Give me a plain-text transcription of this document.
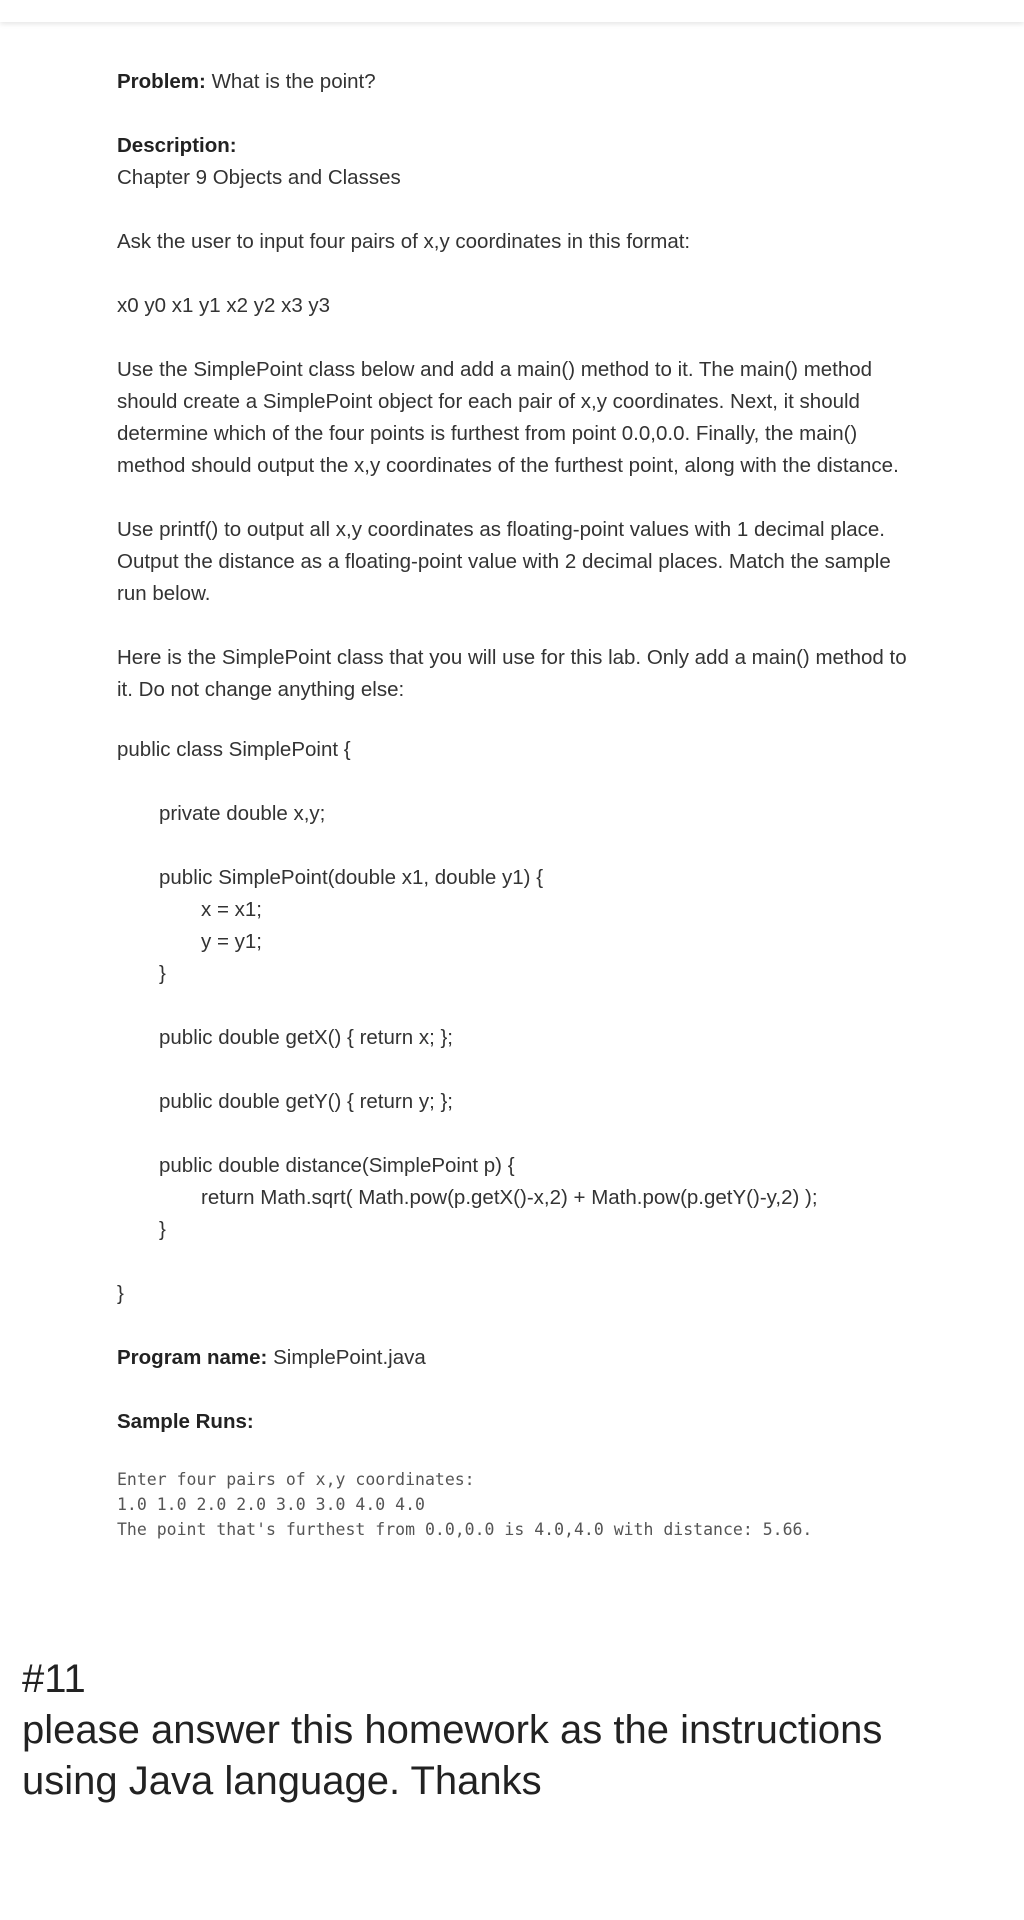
Problem: What is the point?
Description:
Chapter 9 Objects and Classes
Ask the user to input four pairs of x,y coordinates in this format:
x0 y0 x1 y1 x2 y2 x3 y3

Use the SimplePoint class below and add a main() method to it. The main() method

should create a SimplePoint object for each pair of x,y coordinates. Next, it should

determine which of the four points is furthest from point 0.0,0.0. Finally, the main()

method should output the x,y coordinates of the furthest point, along with the distance.

Use printf() to output all x,y coordinates as floating-point values with 1 decimal place.

Output the distance as a floating-point value with 2 decimal places. Match the sample

run below.

Here is the SimplePoint class that you will use for this lab. Only add a main() method to

it. Do not change anything else:

public class SimplePoint {
private double x,y;
public SimplePoint(double x1, double y1) {
x = x1;
y = y1;
}
public double getX() { return x; };
public double getY() { return y; };
public double distance(SimplePoint p) {
return Math.sqrt( Math.pow(p.getX()-x,2) + Math.pow(p.getY()-y,2) );
}
}
Program name: SimplePoint.java
Sample Runs:
Enter four pairs of x,y coordinates:
1.0 1.0 2.0 2.0 3.0 3.0 4.0 4.0
The point that's furthest from 0.0,0.0 is 4.0,4.0 with distance: 5.66.
#11
please answer this homework as the instructions
using Java language. Thanks
